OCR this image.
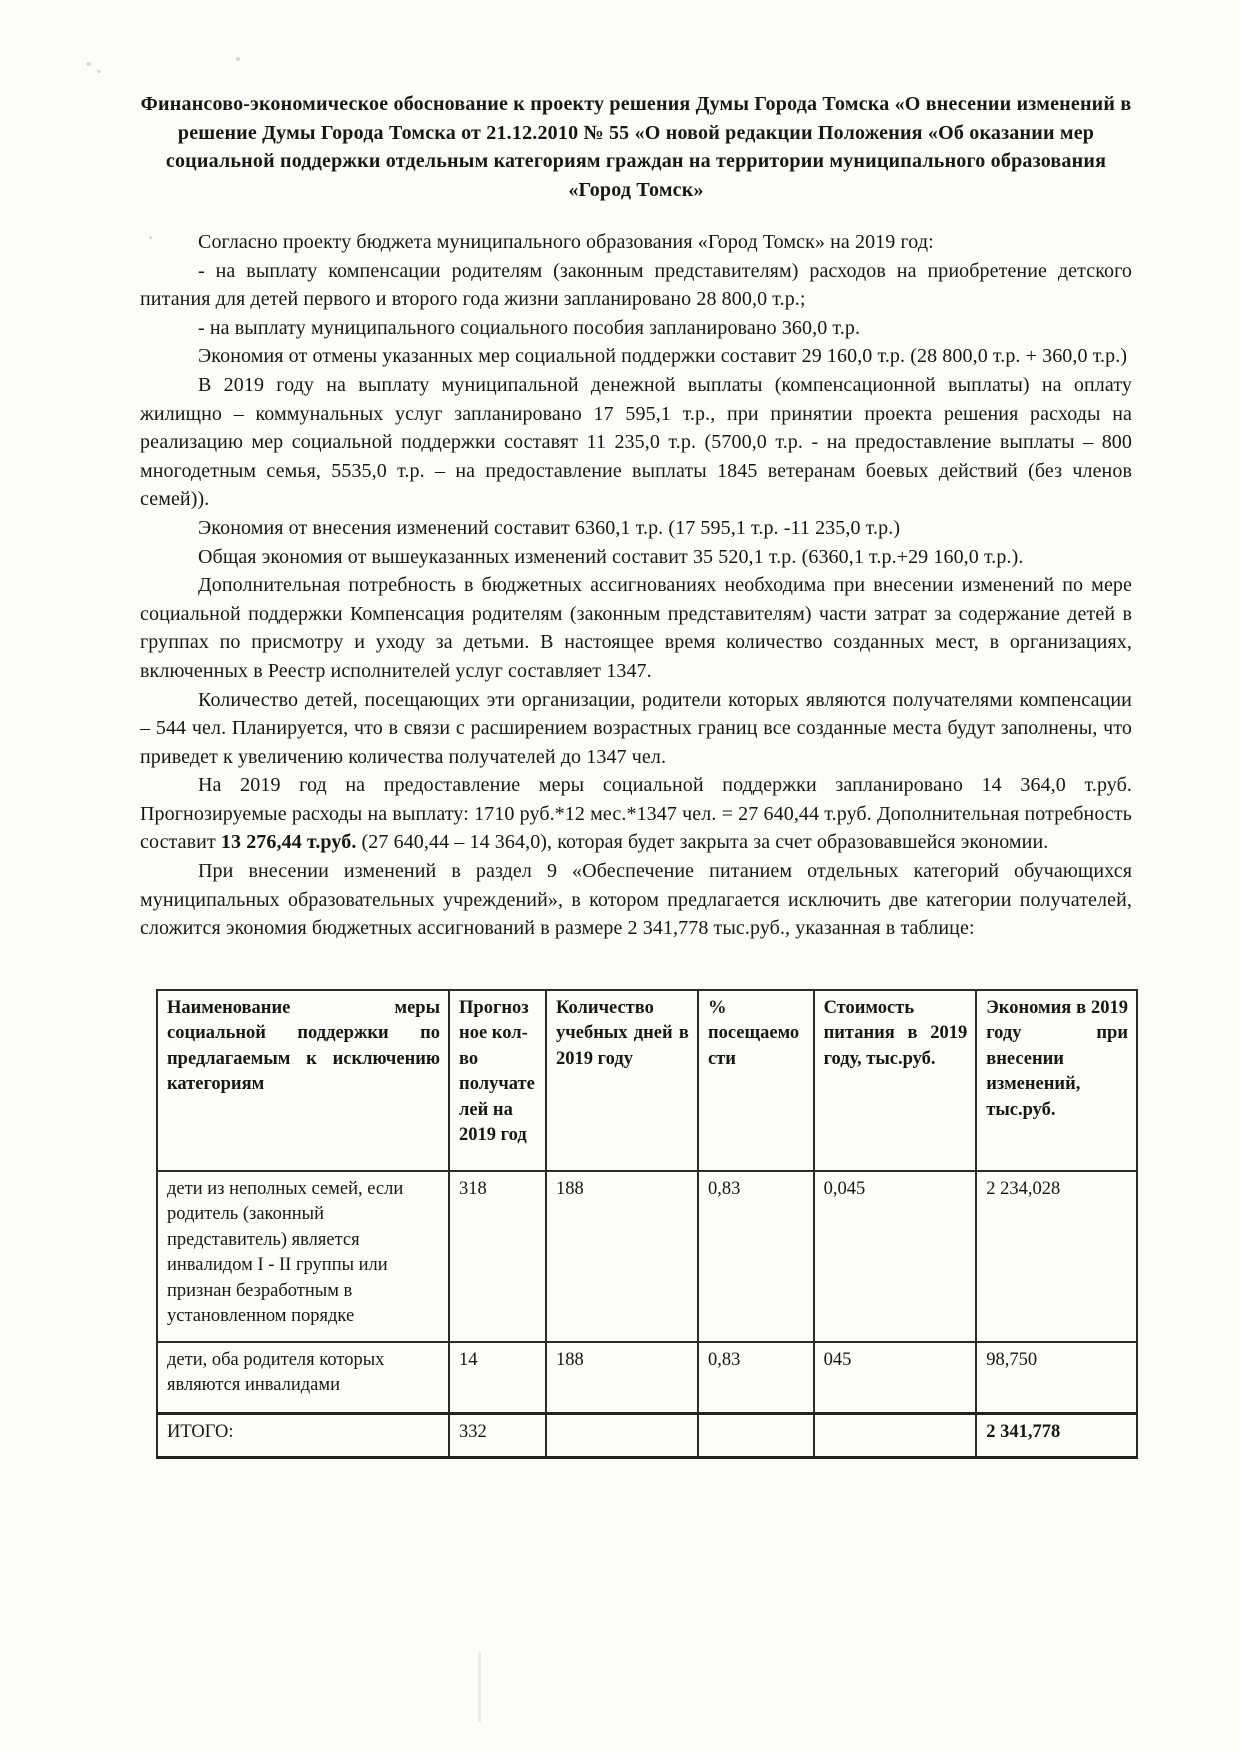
Финансово-экономическое обоснование к проекту решения Думы Города Томска «О внесении изменений в решение Думы Города Томска от 21.12.2010 № 55 «О новой редакции Положения «Об оказании мер социальной поддержки отдельным категориям граждан на территории муниципального образования «Город Томск»

Согласно проекту бюджета муниципального образования «Город Томск» на 2019 год:

- на выплату компенсации родителям (законным представителям) расходов на приобретение детского питания для детей первого и второго года жизни запланировано 28 800,0 т.р.;

- на выплату муниципального социального пособия запланировано 360,0 т.р.

Экономия от отмены указанных мер социальной поддержки составит 29 160,0 т.р. (28 800,0 т.р. + 360,0 т.р.)

В 2019 году на выплату муниципальной денежной выплаты (компенсационной выплаты) на оплату жилищно – коммунальных услуг запланировано 17 595,1 т.р., при принятии проекта решения расходы на реализацию мер социальной поддержки составят 11 235,0 т.р. (5700,0 т.р. - на предоставление выплаты – 800 многодетным семья, 5535,0 т.р. – на предоставление выплаты 1845 ветеранам боевых действий (без членов семей)).

Экономия от внесения изменений составит 6360,1 т.р. (17 595,1 т.р. -11 235,0 т.р.)

Общая экономия от вышеуказанных изменений составит 35 520,1 т.р. (6360,1 т.р.+29 160,0 т.р.).

Дополнительная потребность в бюджетных ассигнованиях необходима при внесении изменений по мере социальной поддержки Компенсация родителям (законным представителям) части затрат за содержание детей в группах по присмотру и уходу за детьми. В настоящее время количество созданных мест, в организациях, включенных в Реестр исполнителей услуг составляет 1347.

Количество детей, посещающих эти организации, родители которых являются получателями компенсации – 544 чел. Планируется, что в связи с расширением возрастных границ все созданные места будут заполнены, что приведет к увеличению количества получателей до 1347 чел.

На 2019 год на предоставление меры социальной поддержки запланировано 14 364,0 т.руб. Прогнозируемые расходы на выплату: 1710 руб.*12 мес.*1347 чел. = 27 640,44 т.руб. Дополнительная потребность составит 13 276,44 т.руб. (27 640,44 – 14 364,0), которая будет закрыта за счет образовавшейся экономии.

При внесении изменений в раздел 9 «Обеспечение питанием отдельных категорий обучающихся муниципальных образовательных учреждений», в котором предлагается исключить две категории получателей, сложится экономия бюджетных ассигнований в размере 2 341,778 тыс.руб., указанная в таблице:

Наименование меры социальной поддержки по предлагаемым к исключению категориям	Прогнозное кол-во получателей на 2019 год	Количество учебных дней в 2019 году	% посещаемости	Стоимость питания в 2019 году, тыс.руб.	Экономия в 2019 году при внесении изменений, тыс.руб.
дети из неполных семей, если родитель (законный представитель) является инвалидом I - II группы или признан безработным в установленном порядке	318	188	0,83	0,045	2 234,028
дети, оба родителя которых являются инвалидами	14	188	0,83	045	98,750
ИТОГО:	332				2 341,778
